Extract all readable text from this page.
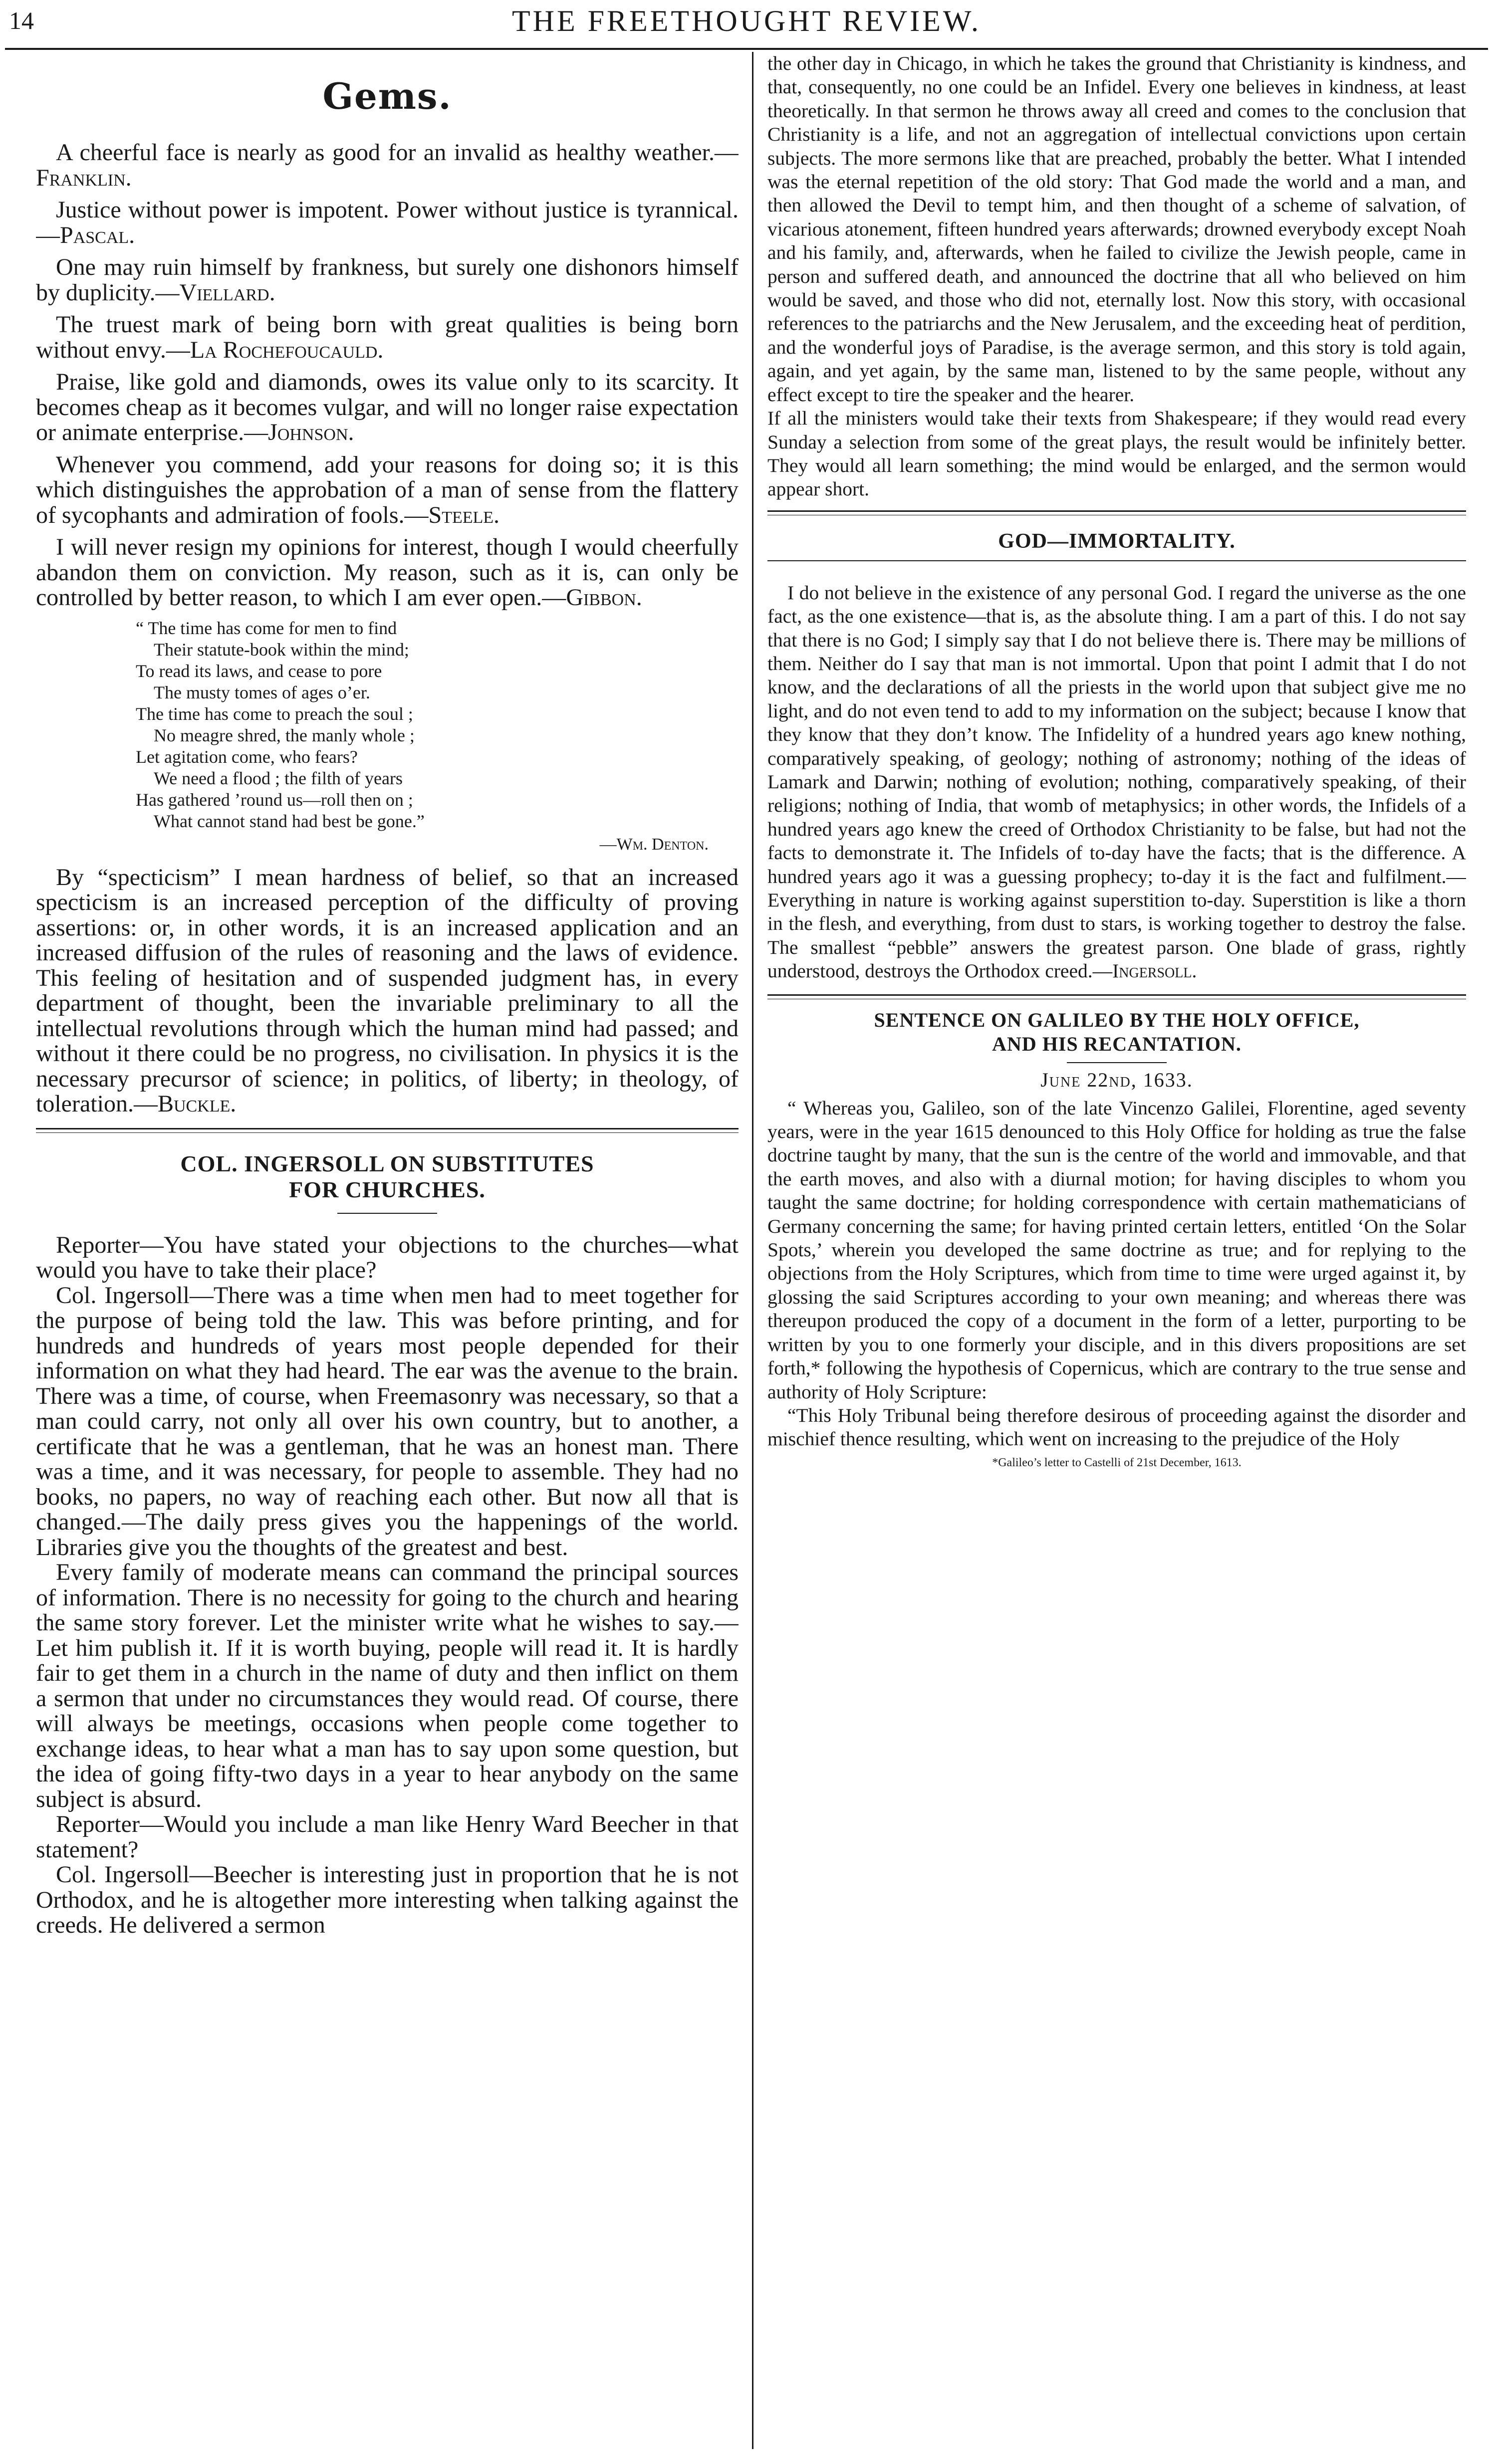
14	THE FREETHOUGHT REVIEW.
Gems.

A cheerful face is nearly as good for an invalid as healthy weather.—Franklin.

Justice without power is impotent. Power without justice is tyrannical.—Pascal.

One may ruin himself by frankness, but surely one dishonors himself by duplicity.—Viellard.

The truest mark of being born with great qualities is being born without envy.—La Rochefoucauld.

Praise, like gold and diamonds, owes its value only to its scarcity. It becomes cheap as it becomes vulgar, and will no longer raise expectation or animate enterprise.—Johnson.

Whenever you commend, add your reasons for doing so; it is this which distinguishes the approbation of a man of sense from the flattery of sycophants and admiration of fools.—Steele.

I will never resign my opinions for interest, though I would cheerfully abandon them on conviction. My reason, such as it is, can only be controlled by better reason, to which I am ever open.—Gibbon.

“ The time has come for men to find
Their statute-book within the mind;
To read its laws, and cease to pore
The musty tomes of ages o’er.
The time has come to preach the soul ;
No meagre shred, the manly whole ;
Let agitation come, who fears?
We need a flood ; the filth of years
Has gathered ’round us—roll then on ;
What cannot stand had best be gone.”
—Wm. Denton.

By “specticism” I mean hardness of belief, so that an increased specticism is an increased perception of the difficulty of proving assertions: or, in other words, it is an increased application and an increased diffusion of the rules of reasoning and the laws of evidence. This feeling of hesitation and of suspended judgment has, in every department of thought, been the invariable preliminary to all the intellectual revolutions through which the human mind had passed; and without it there could be no progress, no civilisation. In physics it is the necessary precursor of science; in politics, of liberty; in theology, of toleration.—Buckle.

COL. INGERSOLL ON SUBSTITUTES
FOR CHURCHES.

Reporter—You have stated your objections to the churches—what would you have to take their place?

Col. Ingersoll—There was a time when men had to meet together for the purpose of being told the law. This was before printing, and for hundreds and hundreds of years most people depended for their information on what they had heard. The ear was the avenue to the brain. There was a time, of course, when Freemasonry was necessary, so that a man could carry, not only all over his own country, but to another, a certificate that he was a gentleman, that he was an honest man. There was a time, and it was necessary, for people to assemble. They had no books, no papers, no way of reaching each other. But now all that is changed.—The daily press gives you the happenings of the world. Libraries give you the thoughts of the greatest and best.

Every family of moderate means can command the principal sources of information. There is no necessity for going to the church and hearing the same story forever. Let the minister write what he wishes to say.—Let him publish it. If it is worth buying, people will read it. It is hardly fair to get them in a church in the name of duty and then inflict on them a sermon that under no circumstances they would read. Of course, there will always be meetings, occasions when people come together to exchange ideas, to hear what a man has to say upon some question, but the idea of going fifty-two days in a year to hear anybody on the same subject is absurd.

Reporter—Would you include a man like Henry Ward Beecher in that statement?

Col. Ingersoll—Beecher is interesting just in proportion that he is not Orthodox, and he is altogether more interesting when talking against the creeds. He delivered a sermon

the other day in Chicago, in which he takes the ground that Christianity is kindness, and that, consequently, no one could be an Infidel. Every one believes in kindness, at least theoretically. In that sermon he throws away all creed and comes to the conclusion that Christianity is a life, and not an aggregation of intellectual convictions upon certain subjects. The more sermons like that are preached, probably the better. What I intended was the eternal repetition of the old story: That God made the world and a man, and then allowed the Devil to tempt him, and then thought of a scheme of salvation, of vicarious atonement, fifteen hundred years afterwards; drowned everybody except Noah and his family, and, afterwards, when he failed to civilize the Jewish people, came in person and suffered death, and announced the doctrine that all who believed on him would be saved, and those who did not, eternally lost. Now this story, with occasional references to the patriarchs and the New Jerusalem, and the exceeding heat of perdition, and the wonderful joys of Paradise, is the average sermon, and this story is told again, again, and yet again, by the same man, listened to by the same people, without any effect except to tire the speaker and the hearer.

If all the ministers would take their texts from Shakespeare; if they would read every Sunday a selection from some of the great plays, the result would be infinitely better. They would all learn something; the mind would be enlarged, and the sermon would appear short.

GOD—IMMORTALITY.

I do not believe in the existence of any personal God. I regard the universe as the one fact, as the one existence—that is, as the absolute thing. I am a part of this. I do not say that there is no God; I simply say that I do not believe there is. There may be millions of them. Neither do I say that man is not immortal. Upon that point I admit that I do not know, and the declarations of all the priests in the world upon that subject give me no light, and do not even tend to add to my information on the subject; because I know that they know that they don’t know. The Infidelity of a hundred years ago knew nothing, comparatively speaking, of geology; nothing of astronomy; nothing of the ideas of Lamark and Darwin; nothing of evolution; nothing, comparatively speaking, of their religions; nothing of India, that womb of metaphysics; in other words, the Infidels of a hundred years ago knew the creed of Orthodox Christianity to be false, but had not the facts to demonstrate it. The Infidels of to-day have the facts; that is the difference. A hundred years ago it was a guessing prophecy; to-day it is the fact and fulfilment.—Everything in nature is working against superstition to-day. Superstition is like a thorn in the flesh, and everything, from dust to stars, is working together to destroy the false. The smallest “pebble” answers the greatest parson. One blade of grass, rightly understood, destroys the Orthodox creed.—Ingersoll.

SENTENCE ON GALILEO BY THE HOLY OFFICE,
AND HIS RECANTATION.
June 22nd, 1633.

“ Whereas you, Galileo, son of the late Vincenzo Galilei, Florentine, aged seventy years, were in the year 1615 denounced to this Holy Office for holding as true the false doctrine taught by many, that the sun is the centre of the world and immovable, and that the earth moves, and also with a diurnal motion; for having disciples to whom you taught the same doctrine; for holding correspondence with certain mathematicians of Germany concerning the same; for having printed certain letters, entitled ‘On the Solar Spots,’ wherein you developed the same doctrine as true; and for replying to the objections from the Holy Scriptures, which from time to time were urged against it, by glossing the said Scriptures according to your own meaning; and whereas there was thereupon produced the copy of a document in the form of a letter, purporting to be written by you to one formerly your disciple, and in this divers propositions are set forth,* following the hypothesis of Copernicus, which are contrary to the true sense and authority of Holy Scripture:

“This Holy Tribunal being therefore desirous of proceeding against the disorder and mischief thence resulting, which went on increasing to the prejudice of the Holy

*Galileo’s letter to Castelli of 21st December, 1613.
